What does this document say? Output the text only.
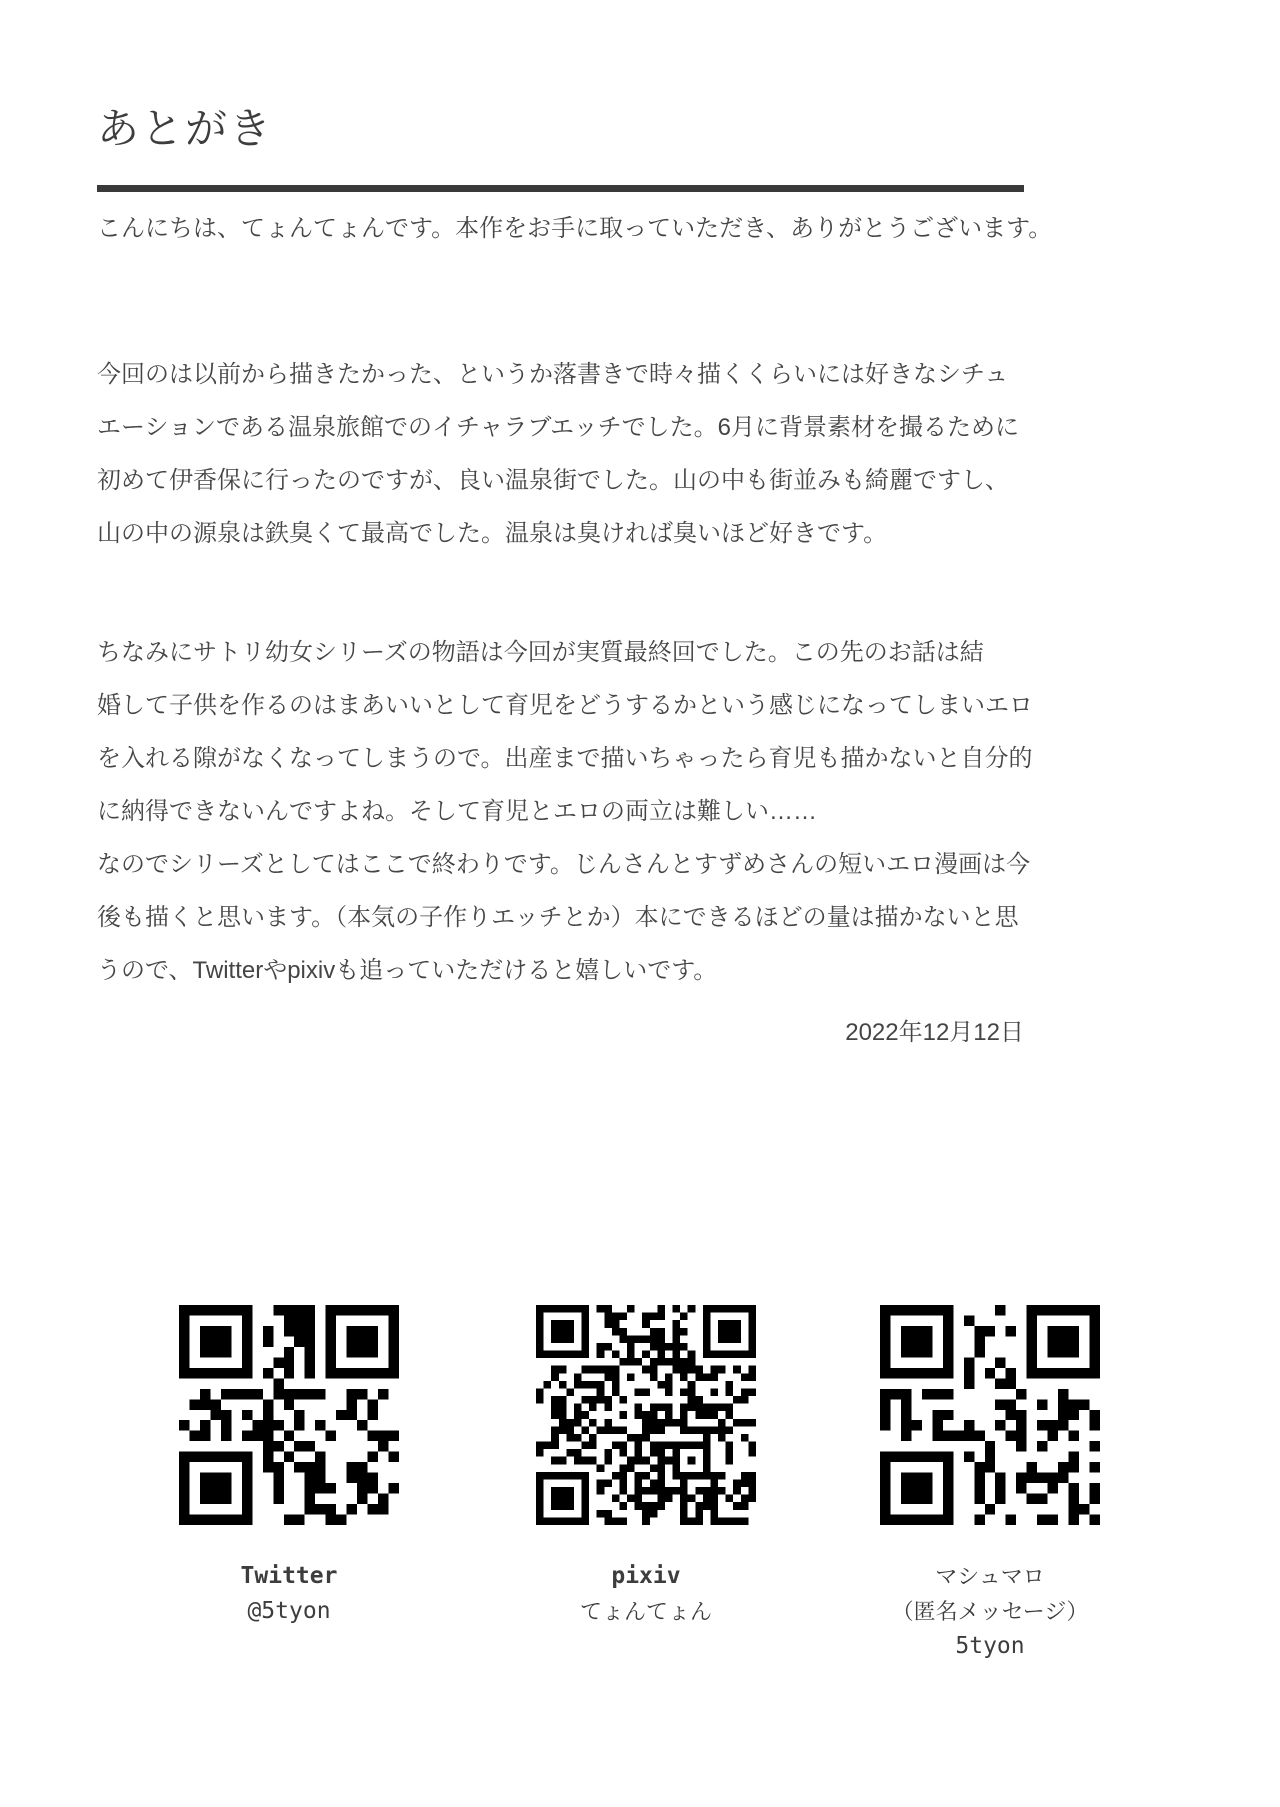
あとがき
こんにちは、てょんてょんです。本作をお手に取っていただき、ありがとうございます。
今回のは以前から描きたかった、というか落書きで時々描くくらいには好きなシチュ
エーションである温泉旅館でのイチャラブエッチでした。6月に背景素材を撮るために
初めて伊香保に行ったのですが、良い温泉街でした。山の中も街並みも綺麗ですし、
山の中の源泉は鉄臭くて最高でした。温泉は臭ければ臭いほど好きです。
ちなみにサトリ幼女シリーズの物語は今回が実質最終回でした。この先のお話は結
婚して子供を作るのはまあいいとして育児をどうするかという感じになってしまいエロ
を入れる隙がなくなってしまうので。出産まで描いちゃったら育児も描かないと自分的
に納得できないんですよね。そして育児とエロの両立は難しい……
なのでシリーズとしてはここで終わりです。じんさんとすずめさんの短いエロ漫画は今
後も描くと思います。（本気の子作りエッチとか）本にできるほどの量は描かないと思
うので、Twitterやpixivも追っていただけると嬉しいです。
2022年12月12日
Twitter
@5tyon
pixiv
てょんてょん
マシュマロ
（匿名メッセージ）
5tyon
